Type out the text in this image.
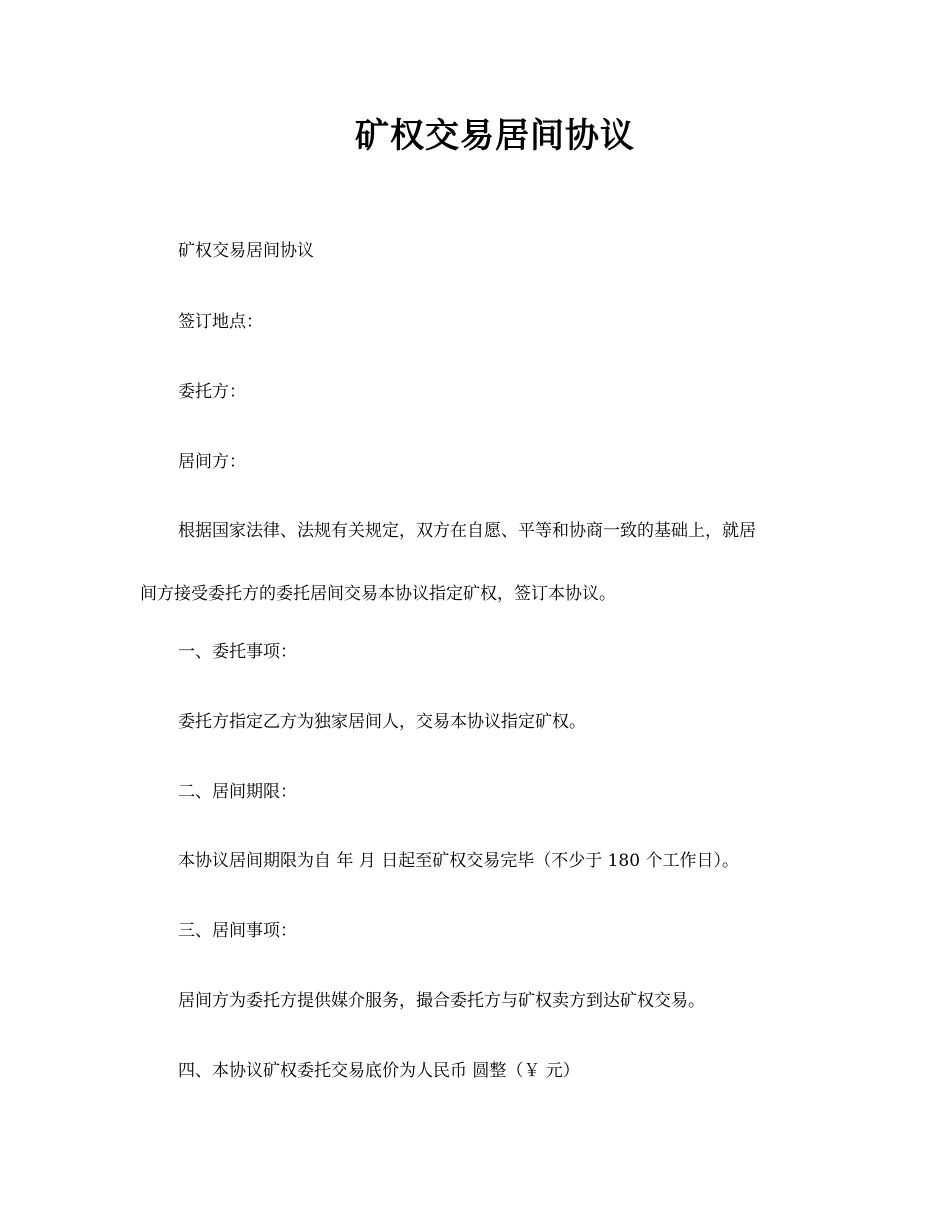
矿权交易居间协议

矿权交易居间协议

签订地点：

委托方：

居间方：

根据国家法律、法规有关规定，双方在自愿、平等和协商一致的基础上，就居
间方接受委托方的委托居间交易本协议指定矿权，签订本协议。

一、委托事项：

委托方指定乙方为独家居间人，交易本协议指定矿权。

二、居间期限：

本协议居间期限为自 年 月 日起至矿权交易完毕（不少于 180 个工作日）。

三、居间事项：

居间方为委托方提供媒介服务，撮合委托方与矿权卖方到达矿权交易。

四、本协议矿权委托交易底价为人民币 圆整（￥ 元）
